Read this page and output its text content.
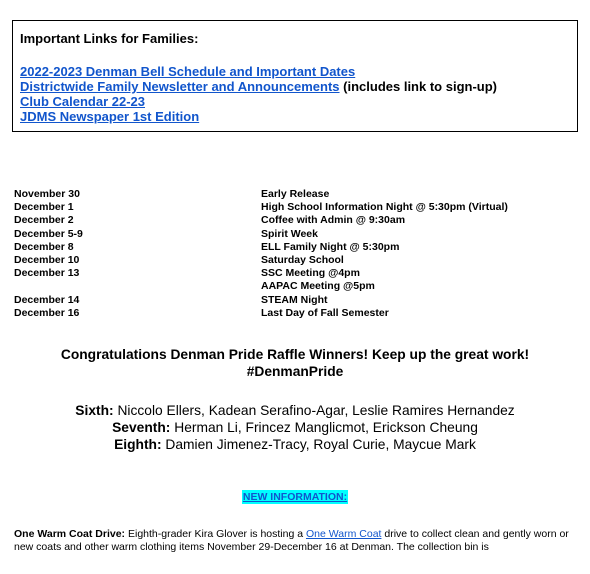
Important Links for Families:
2022-2023 Denman Bell Schedule and Important Dates
Districtwide Family Newsletter and Announcements (includes link to sign-up)
Club Calendar 22-23
JDMS Newspaper 1st Edition
November 30	Early Release
December 1	High School Information Night @ 5:30pm (Virtual)
December 2	Coffee with Admin @ 9:30am
December 5-9	Spirit Week
December 8	ELL Family Night @ 5:30pm
December 10	Saturday School
December 13	SSC Meeting @4pm
AAPAC Meeting @5pm
December 14	STEAM Night
December 16	Last Day of Fall Semester
Congratulations Denman Pride Raffle Winners! Keep up the great work!
#DenmanPride
Sixth: Niccolo Ellers, Kadean Serafino-Agar, Leslie Ramires Hernandez
Seventh: Herman Li, Frincez Manglicmot, Erickson Cheung
Eighth: Damien Jimenez-Tracy, Royal Curie, Maycue Mark
NEW INFORMATION:
One Warm Coat Drive: Eighth-grader Kira Glover is hosting a One Warm Coat drive to collect clean and gently worn or new coats and other warm clothing items November 29-December 16 at Denman. The collection bin is
